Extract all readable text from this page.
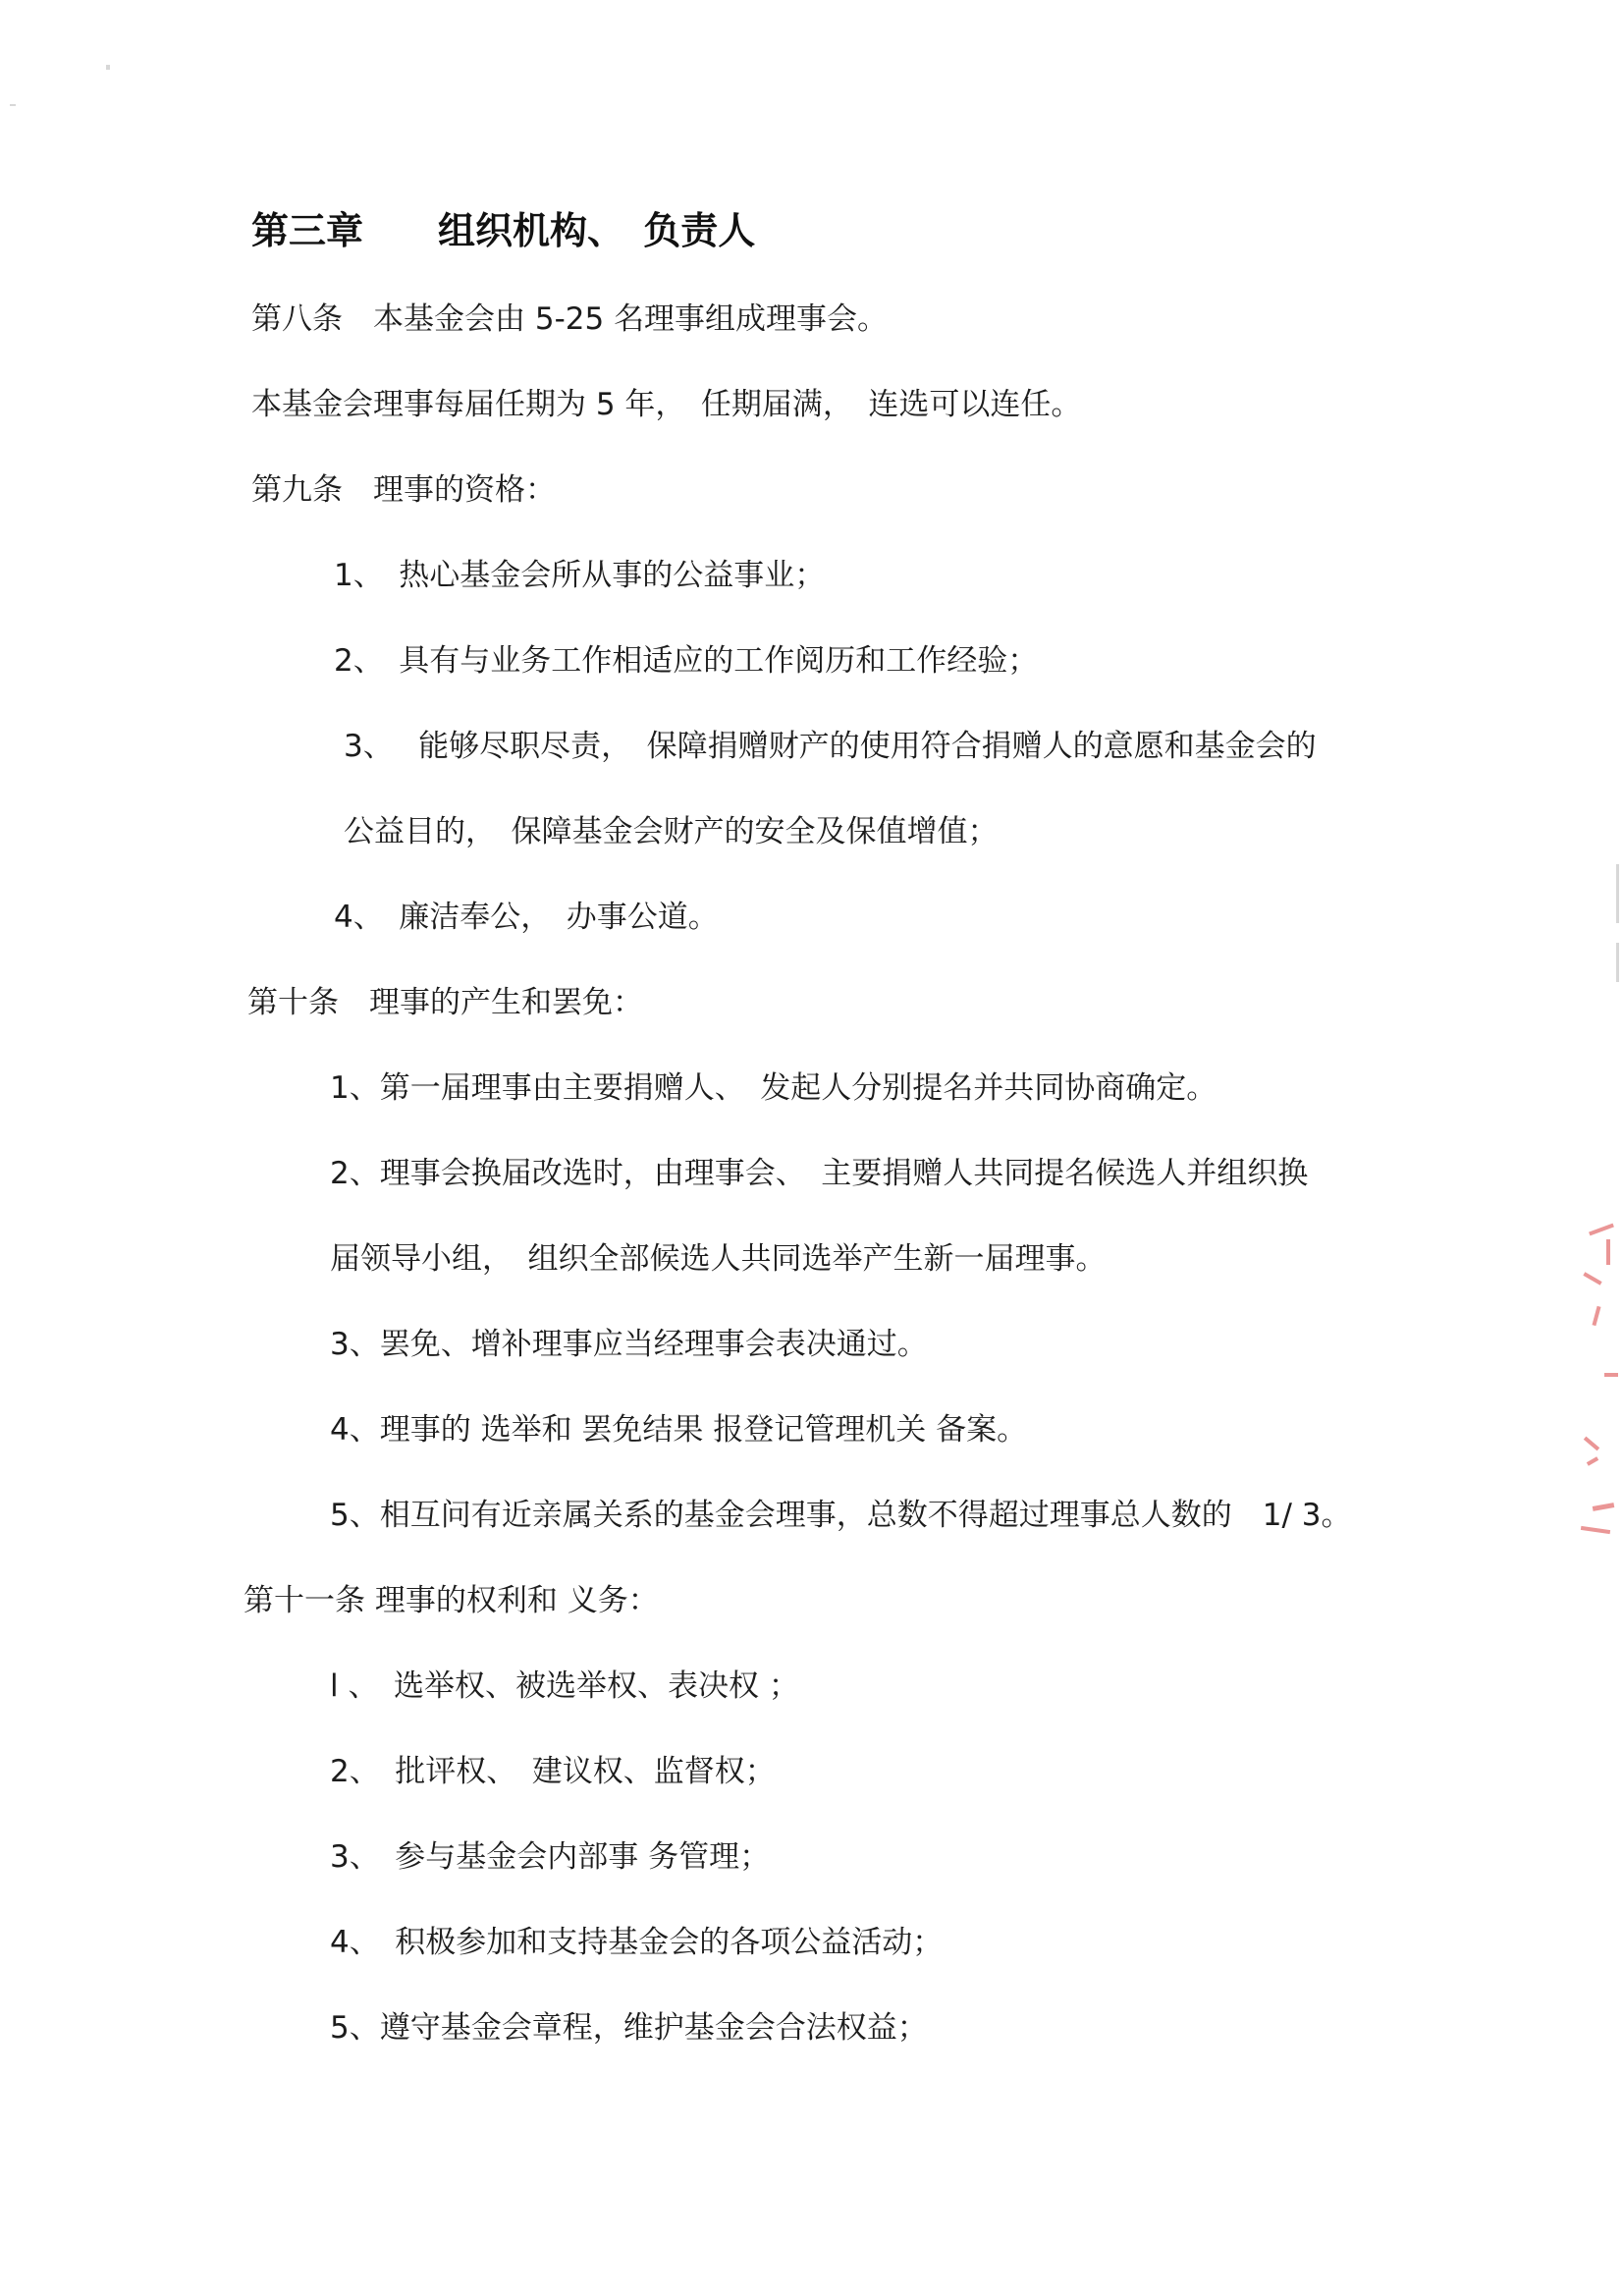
第三章　　组织机构、 负责人
第八条　本基金会由 5-25 名理事组成理事会。
本基金会理事每届任期为 5 年，　任期届满，　连选可以连任。
第九条　理事的资格：
1、　热心基金会所从事的公益事业；
2、　具有与业务工作相适应的工作阅历和工作经验；
3、　 能够尽职尽责，　保障捐赠财产的使用符合捐赠人的意愿和基金会的
公益目的，　保障基金会财产的安全及保值增值；
4、　廉洁奉公，　办事公道。
第十条　理事的产生和罢免：
1、第一届理事由主要捐赠人、　发起人分别提名并共同协商确定。
2、理事会换届改选时，由理事会、　主要捐赠人共同提名候选人并组织换
届领导小组，　组织全部候选人共同选举产生新一届理事。
3、罢免、增补理事应当经理事会表决通过。
4、理事的 选举和 罢免结果 报登记管理机关 备案。
5、相互问有近亲属关系的基金会理事，总数不得超过理事总人数的　1/ 3。
第十一条 理事的权利和 义务：
l 、　选举权、被选举权、表决权 ；
2、　批评权、　建议权、监督权；
3、　参与基金会内部事 务管理；
4、　积极参加和支持基金会的各项公益活动；
5、遵守基金会章程，维护基金会合法权益；
